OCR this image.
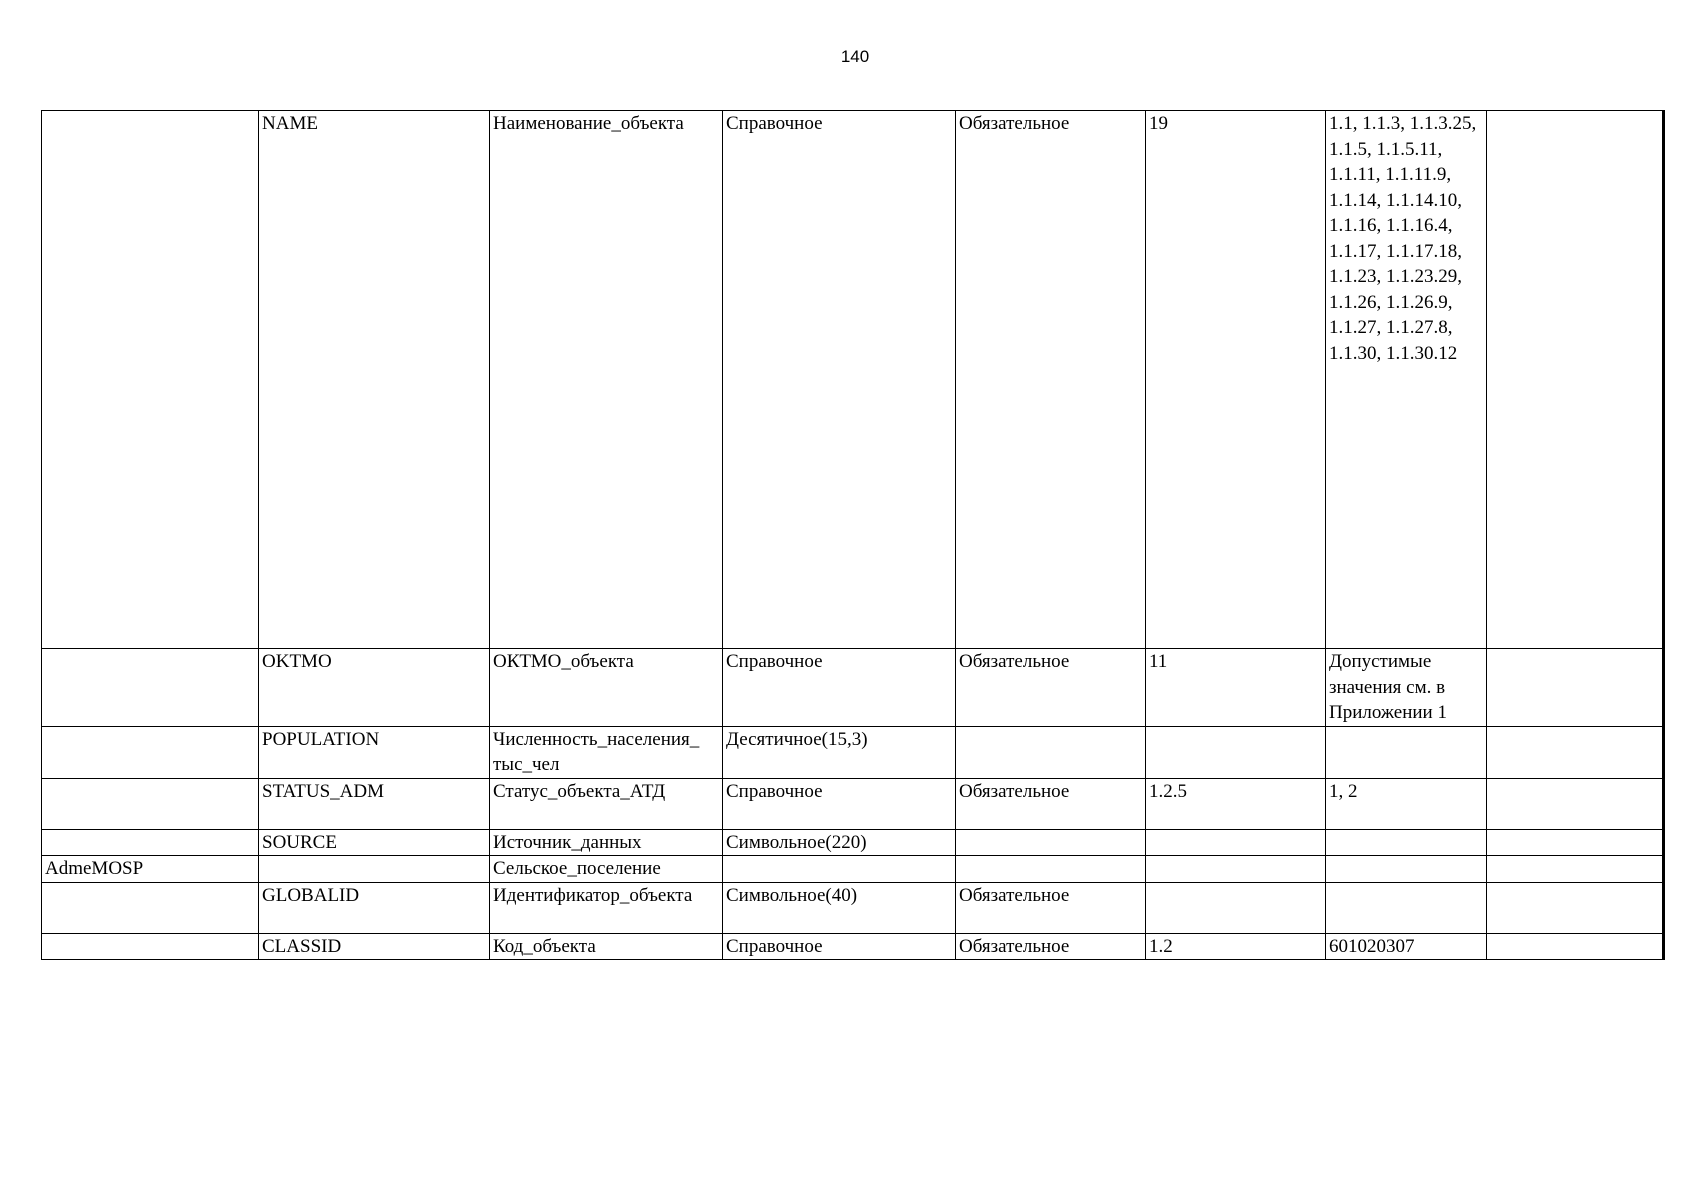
140
	NAME	Наименование_объекта	Справочное	Обязательное	19	1.1, 1.1.3, 1.1.3.25, 1.1.5, 1.1.5.11, 1.1.11, 1.1.11.9, 1.1.14, 1.1.14.10, 1.1.16, 1.1.16.4, 1.1.17, 1.1.17.18, 1.1.23, 1.1.23.29, 1.1.26, 1.1.26.9, 1.1.27, 1.1.27.8, 1.1.30, 1.1.30.12	
	OKTMO	ОКТМО_объекта	Справочное	Обязательное	11	Допустимые значения см. в Приложении 1	
	POPULATION	Численность_населения_ тыс_чел	Десятичное(15,3)				
	STATUS_ADM	Статус_объекта_АТД	Справочное	Обязательное	1.2.5	1, 2	
	SOURCE	Источник_данных	Символьное(220)				
AdmeMOSP		Сельское_поселение					
	GLOBALID	Идентификатор_объекта	Символьное(40)	Обязательное			
	CLASSID	Код_объекта	Справочное	Обязательное	1.2	601020307	
